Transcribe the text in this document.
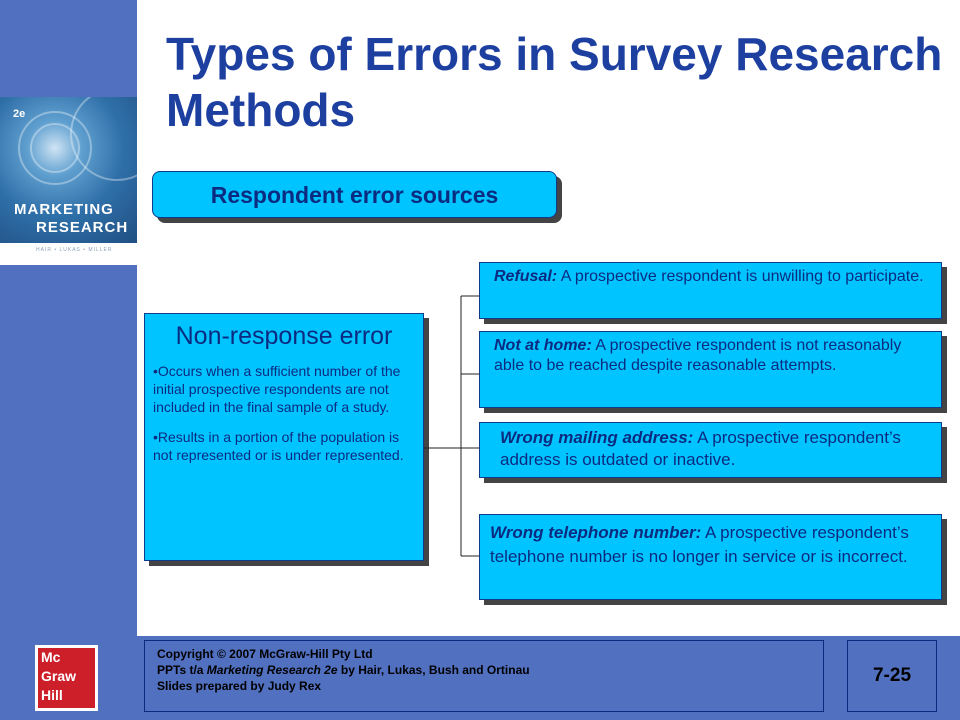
2e
MARKETING
RESEARCH
HAIR • LUKAS • MILLER
Types of Errors in Survey Research Methods
Respondent error sources

Non-response error

•Occurs when a sufficient number of the initial prospective respondents are not included in the final sample of a study.

•Results in a portion of the population is not represented or is under represented.

Refusal: A prospective respondent is unwilling to participate.
Not at home: A prospective respondent is not reasonably able to be reached despite reasonable attempts.
Wrong mailing address: A prospective respondent’s address is outdated or inactive.
Wrong telephone number: A prospective respondent’s telephone number is no longer in service or is incorrect.
Mc
Graw
Hill
Copyright © 2007 McGraw-Hill Pty Ltd
PPTs t/a Marketing Research 2e by Hair, Lukas, Bush and Ortinau
Slides prepared by Judy Rex	7-25
